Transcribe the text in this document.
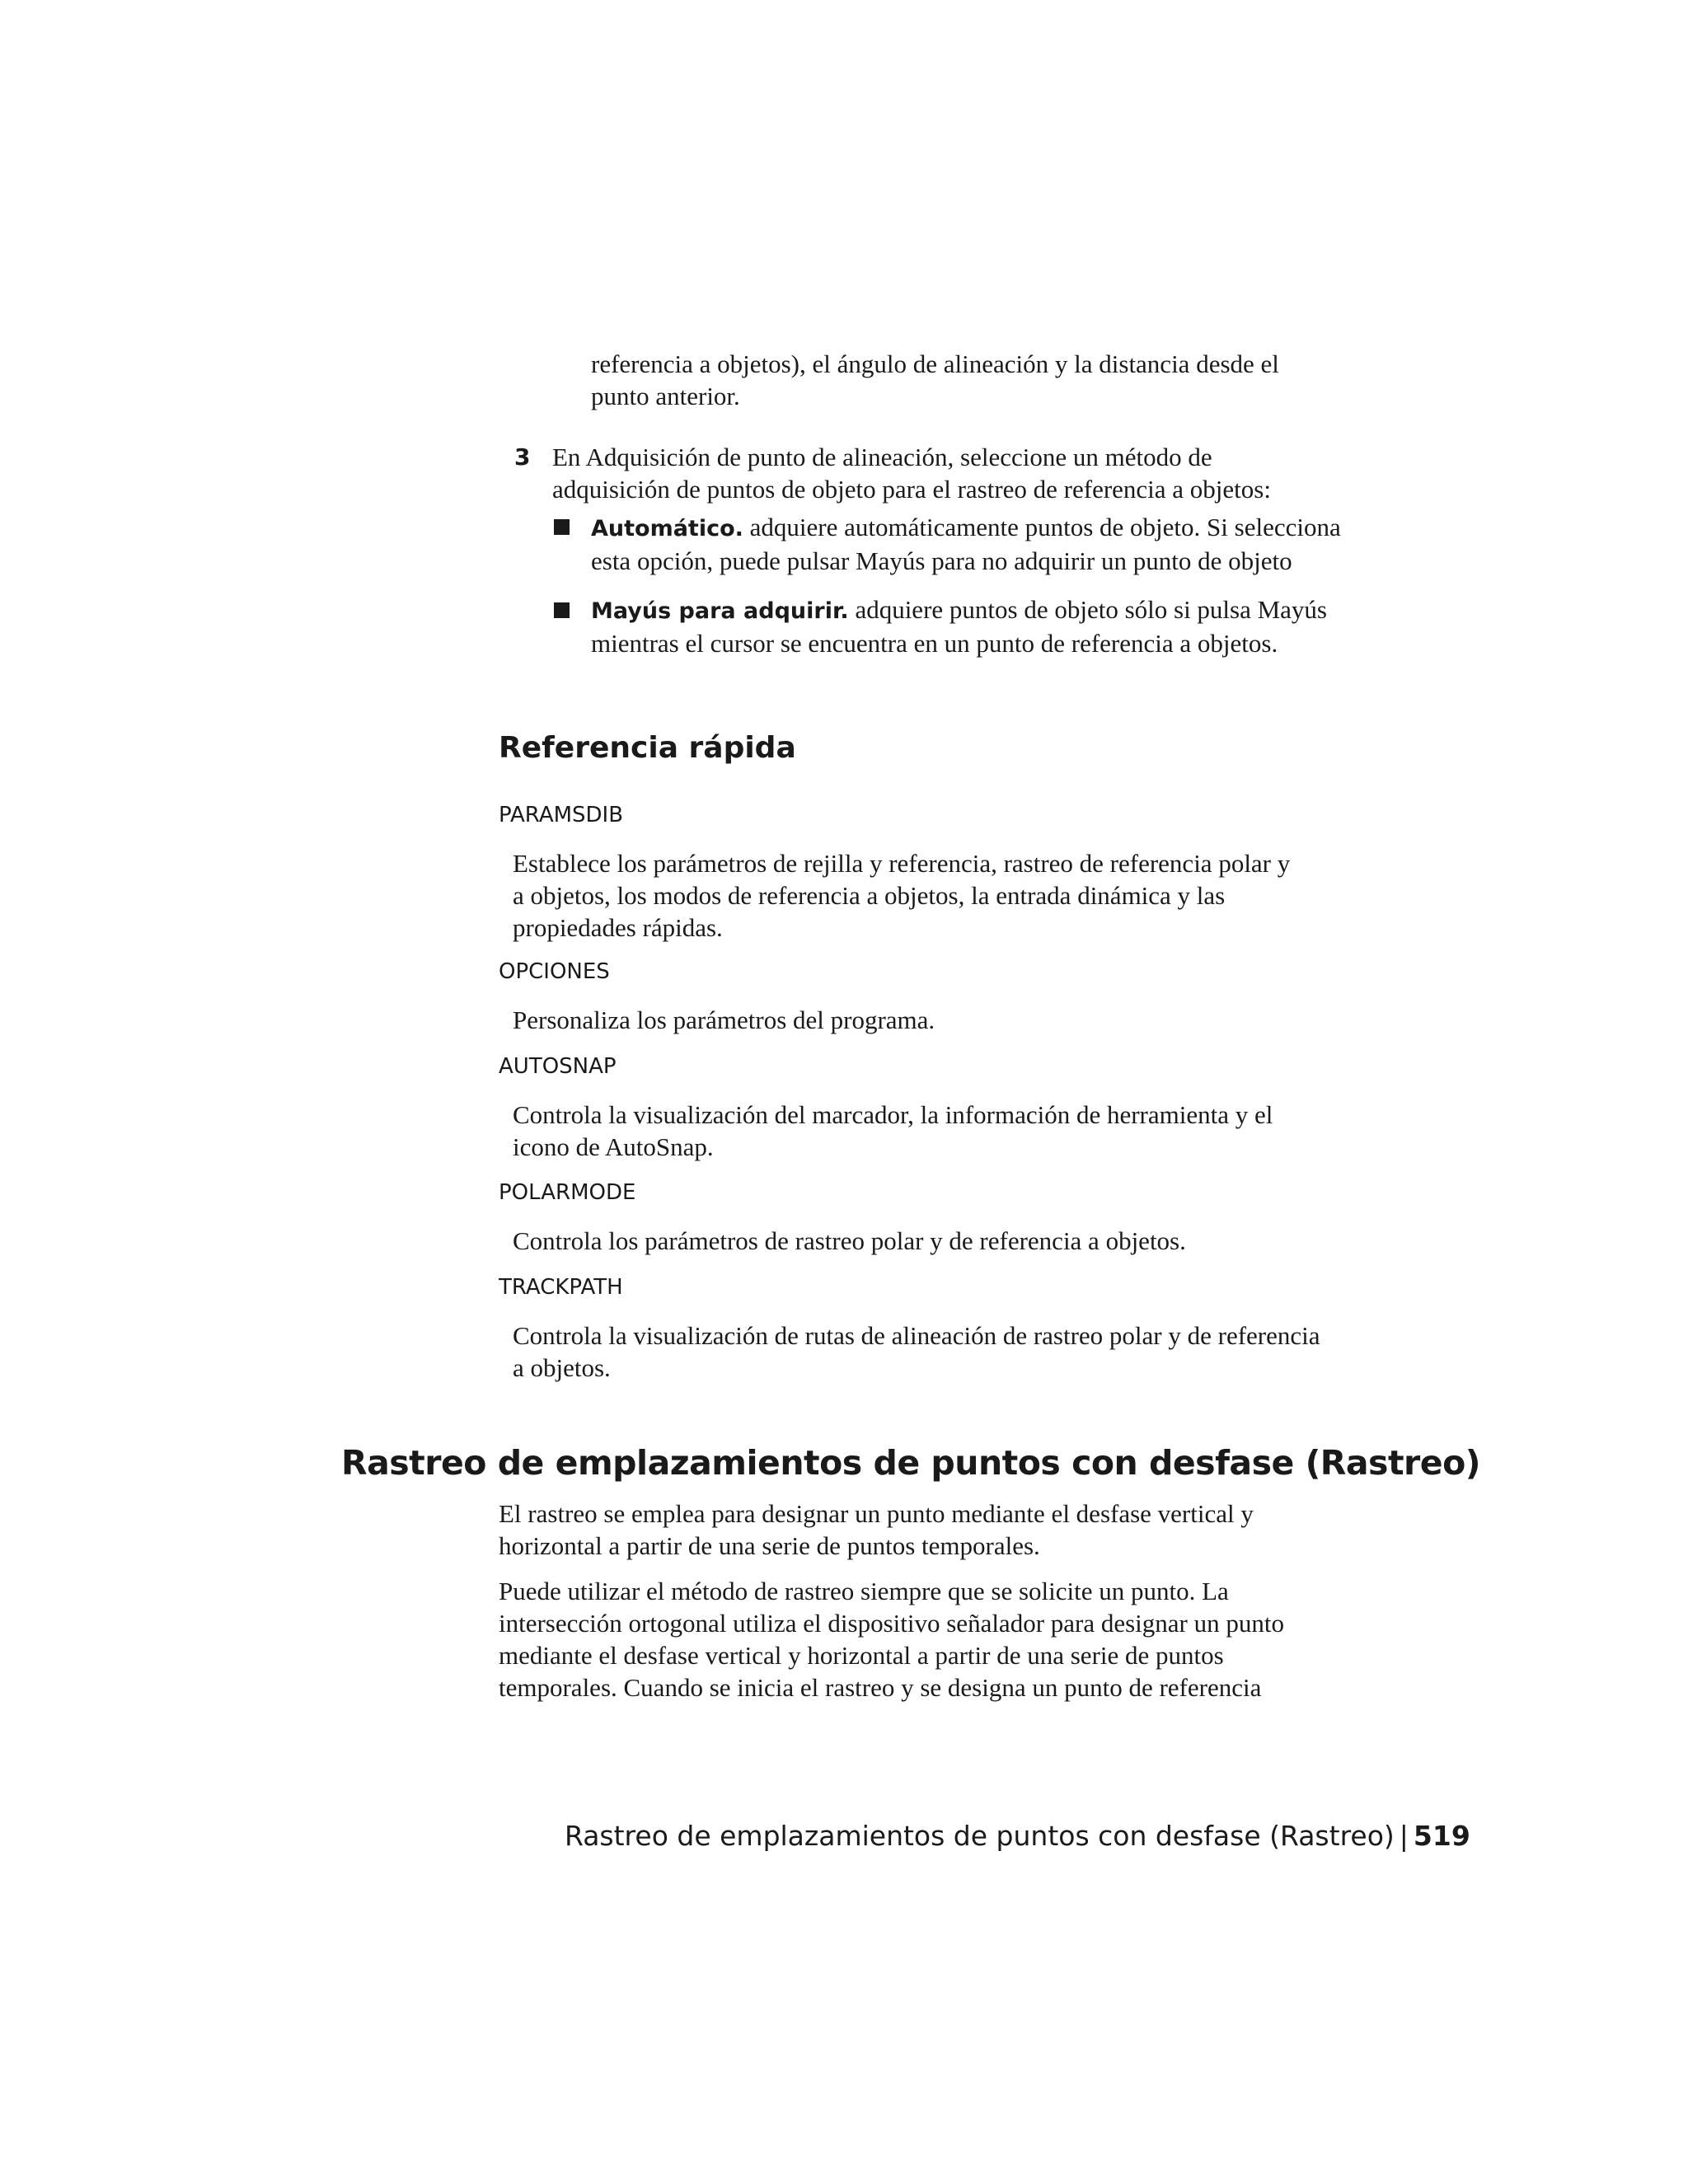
referencia a objetos), el ángulo de alineación y la distancia desde el
punto anterior.
3 En Adquisición de punto de alineación, seleccione un método de
adquisición de puntos de objeto para el rastreo de referencia a objetos:
Automático. adquiere automáticamente puntos de objeto. Si selecciona
esta opción, puede pulsar Mayús para no adquirir un punto de objeto
Mayús para adquirir. adquiere puntos de objeto sólo si pulsa Mayús
mientras el cursor se encuentra en un punto de referencia a objetos.
Referencia rápida
PARAMSDIB
Establece los parámetros de rejilla y referencia, rastreo de referencia polar y
a objetos, los modos de referencia a objetos, la entrada dinámica y las
propiedades rápidas.
OPCIONES
Personaliza los parámetros del programa.
AUTOSNAP
Controla la visualización del marcador, la información de herramienta y el
icono de AutoSnap.
POLARMODE
Controla los parámetros de rastreo polar y de referencia a objetos.
TRACKPATH
Controla la visualización de rutas de alineación de rastreo polar y de referencia
a objetos.
Rastreo de emplazamientos de puntos con desfase (Rastreo)
El rastreo se emplea para designar un punto mediante el desfase vertical y
horizontal a partir de una serie de puntos temporales.
Puede utilizar el método de rastreo siempre que se solicite un punto. La
intersección ortogonal utiliza el dispositivo señalador para designar un punto
mediante el desfase vertical y horizontal a partir de una serie de puntos
temporales. Cuando se inicia el rastreo y se designa un punto de referencia
Rastreo de emplazamientos de puntos con desfase (Rastreo) | 519
